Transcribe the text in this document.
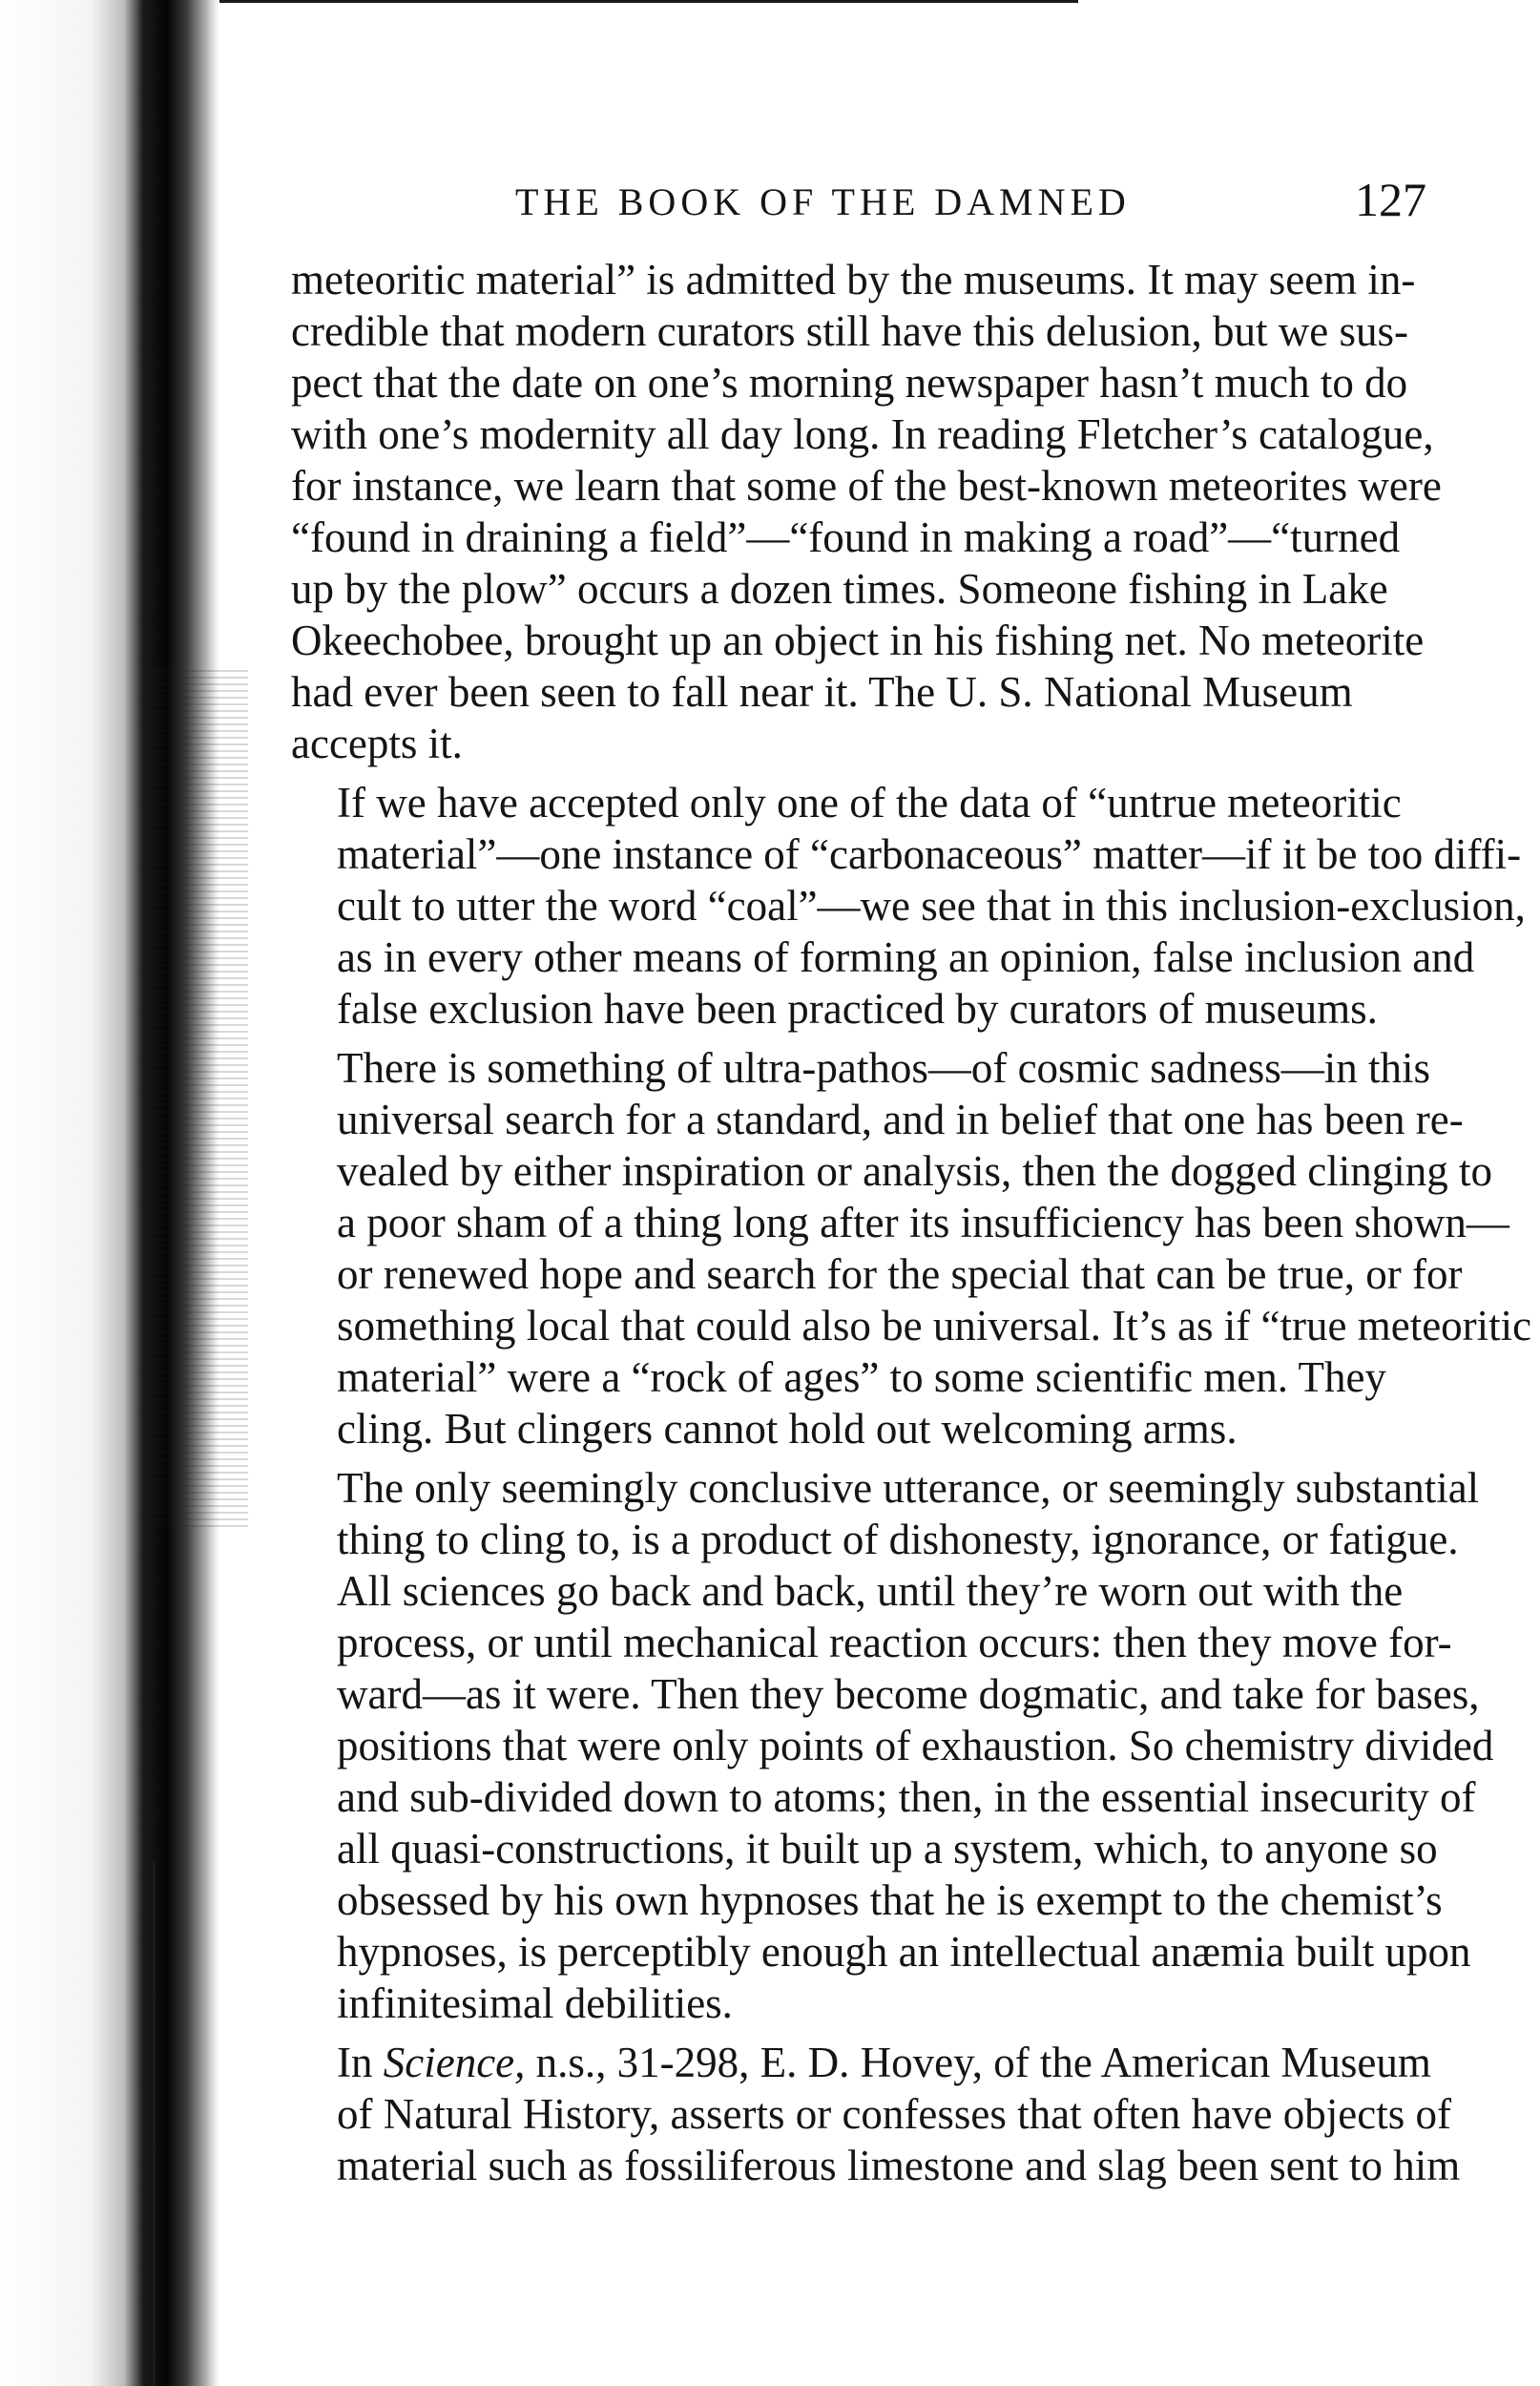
THE BOOK OF THE DAMNED	127

meteoritic material” is admitted by the museums. It may seem in-
credible that modern curators still have this delusion, but we sus-
pect that the date on one’s morning newspaper hasn’t much to do
with one’s modernity all day long. In reading Fletcher’s catalogue,
for instance, we learn that some of the best-known meteorites were
“found in draining a field”—“found in making a road”—“turned
up by the plow” occurs a dozen times. Someone fishing in Lake
Okeechobee, brought up an object in his fishing net. No meteorite
had ever been seen to fall near it. The U. S. National Museum
accepts it.

If we have accepted only one of the data of “untrue meteoritic
material”—one instance of “carbonaceous” matter—if it be too diffi-
cult to utter the word “coal”—we see that in this inclusion-exclusion,
as in every other means of forming an opinion, false inclusion and
false exclusion have been practiced by curators of museums.

There is something of ultra-pathos—of cosmic sadness—in this
universal search for a standard, and in belief that one has been re-
vealed by either inspiration or analysis, then the dogged clinging to
a poor sham of a thing long after its insufficiency has been shown—
or renewed hope and search for the special that can be true, or for
something local that could also be universal. It’s as if “true meteoritic
material” were a “rock of ages” to some scientific men. They
cling. But clingers cannot hold out welcoming arms.

The only seemingly conclusive utterance, or seemingly substantial
thing to cling to, is a product of dishonesty, ignorance, or fatigue.
All sciences go back and back, until they’re worn out with the
process, or until mechanical reaction occurs: then they move for-
ward—as it were. Then they become dogmatic, and take for bases,
positions that were only points of exhaustion. So chemistry divided
and sub-divided down to atoms; then, in the essential insecurity of
all quasi-constructions, it built up a system, which, to anyone so
obsessed by his own hypnoses that he is exempt to the chemist’s
hypnoses, is perceptibly enough an intellectual anæmia built upon
infinitesimal debilities.

In Science, n.s., 31-298, E. D. Hovey, of the American Museum
of Natural History, asserts or confesses that often have objects of
material such as fossiliferous limestone and slag been sent to him
